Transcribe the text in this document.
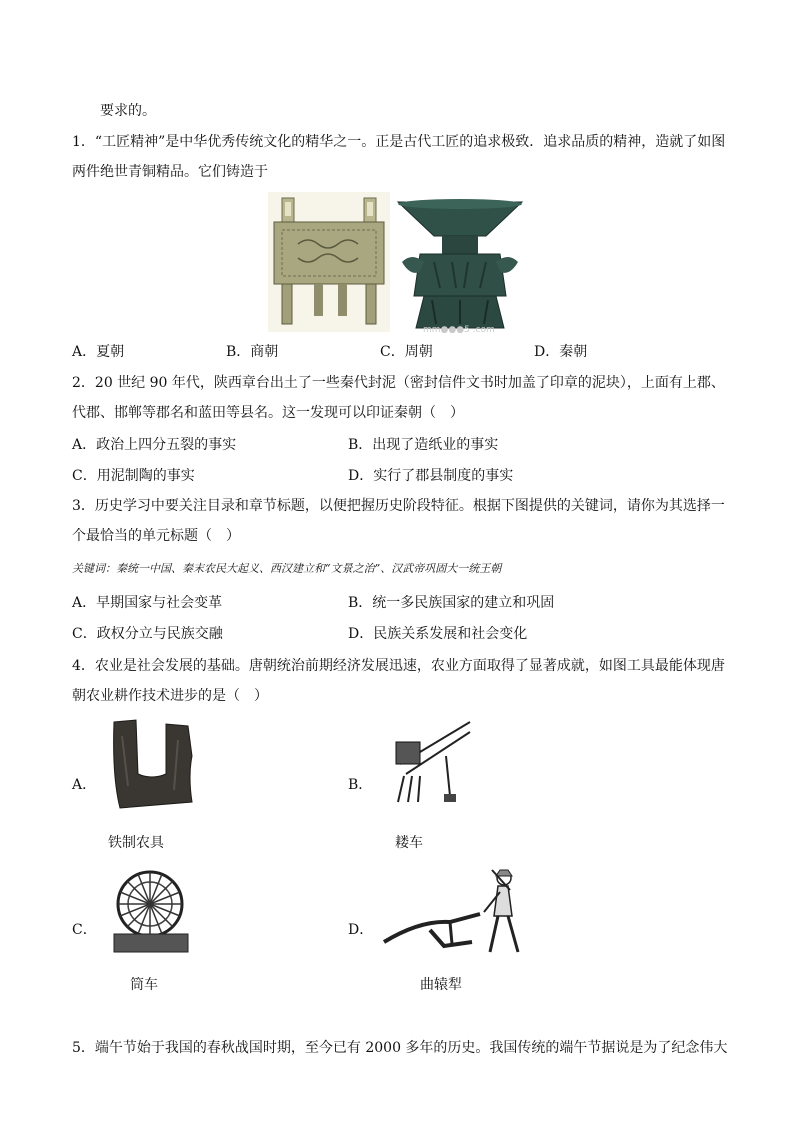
要求的。
1．“工匠精神”是中华优秀传统文化的精华之一。正是古代工匠的追求极致．追求品质的精神，造就了如图
两件绝世青铜精品。它们铸造于
mm●●●5 .com
A．夏朝	B．商朝	C．周朝	D．秦朝
2．20 世纪 90 年代，陕西章台出土了一些秦代封泥（密封信件文书时加盖了印章的泥块），上面有上郡、
代郡、邯郸等郡名和蓝田等县名。这一发现可以印证秦朝（　）
A．政治上四分五裂的事实	B．出现了造纸业的事实
C．用泥制陶的事实	D．实行了郡县制度的事实
3．历史学习中要关注目录和章节标题，以便把握历史阶段特征。根据下图提供的关键词，请你为其选择一
个最恰当的单元标题（　）
关键词：秦统一中国、秦末农民大起义、西汉建立和“文景之治”、汉武帝巩固大一统王朝
A．早期国家与社会变革	B．统一多民族国家的建立和巩固
C．政权分立与民族交融	D．民族关系发展和社会变化
4．农业是社会发展的基础。唐朝统治前期经济发展迅速，农业方面取得了显著成就，如图工具最能体现唐
朝农业耕作技术进步的是（　）
A．
铁制农具
B．
耧车
C．
筒车
D．
曲辕犁
5．端午节始于我国的春秋战国时期，至今已有 2000 多年的历史。我国传统的端午节据说是为了纪念伟大
